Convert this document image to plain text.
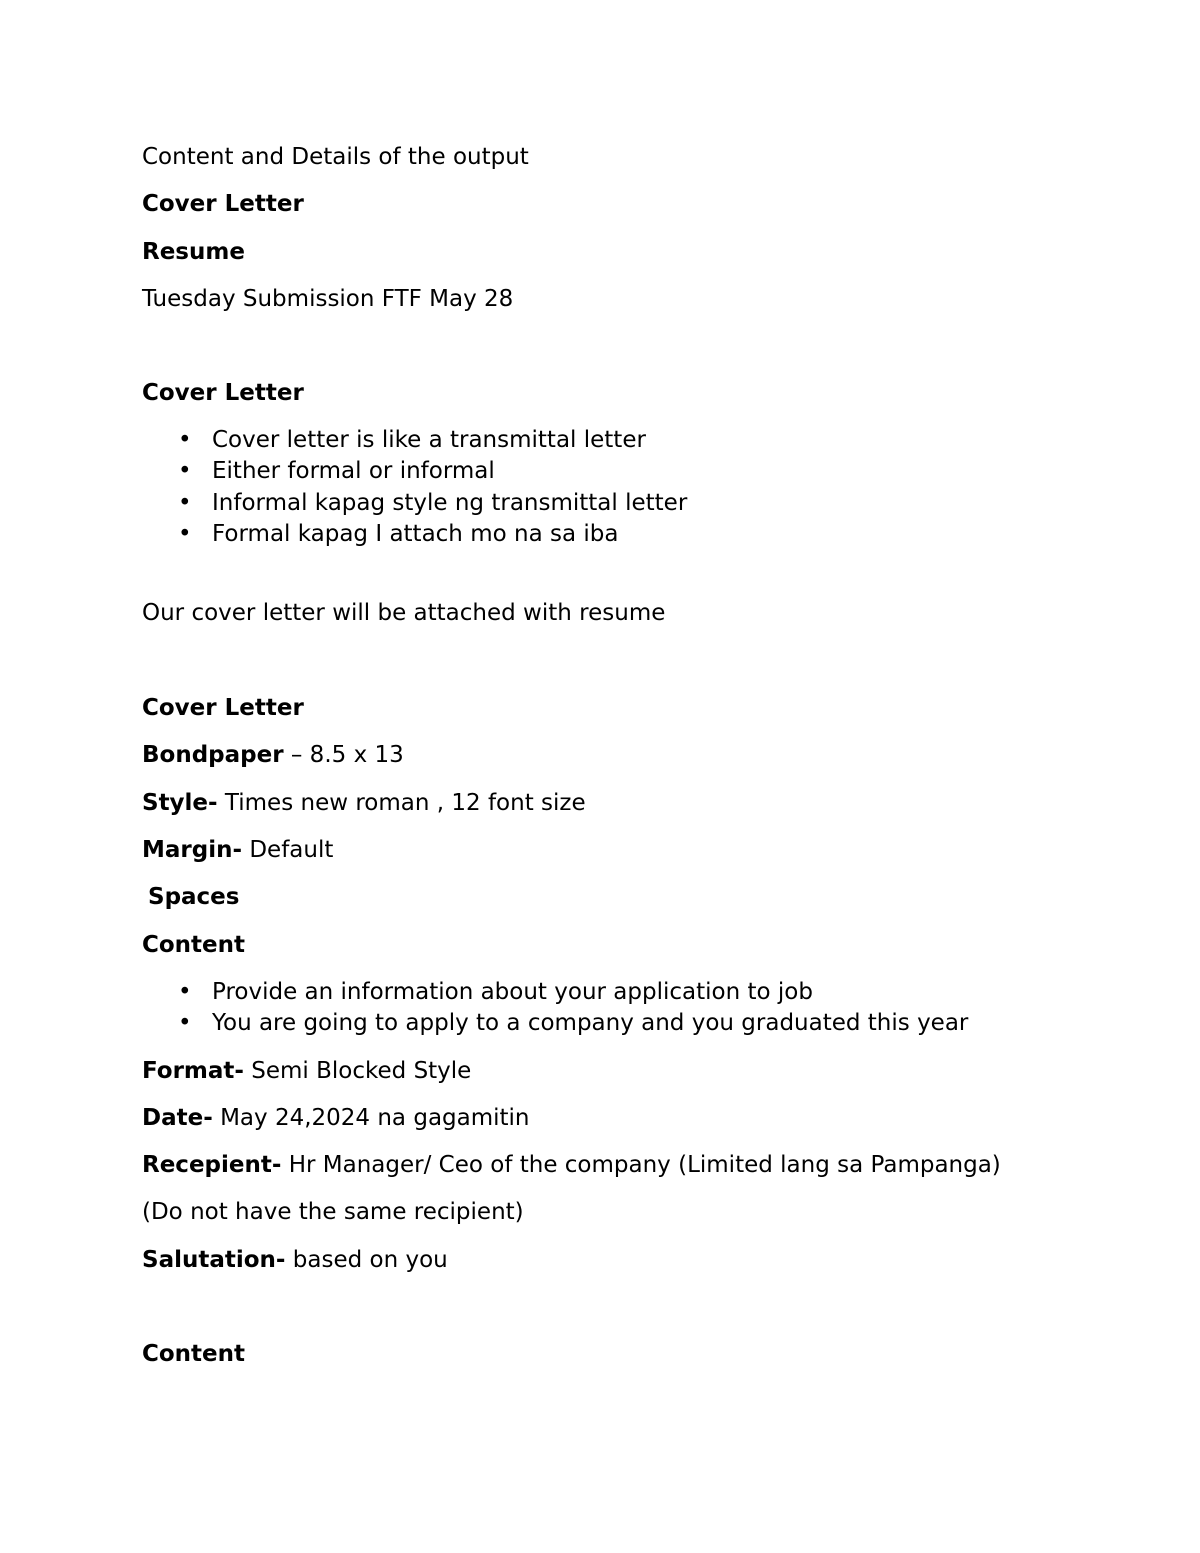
Content and Details of the output
Cover Letter
Resume
Tuesday Submission FTF May 28
Cover Letter
• Cover letter is like a transmittal letter
• Either formal or informal
• Informal kapag style ng transmittal letter
• Formal kapag I attach mo na sa iba
Our cover letter will be attached with resume
Cover Letter
Bondpaper – 8.5 x 13
Style- Times new roman , 12 font size
Margin- Default
Spaces
Content
• Provide an information about your application to job
• You are going to apply to a company and you graduated this year
Format- Semi Blocked Style
Date- May 24,2024 na gagamitin
Recepient- Hr Manager/ Ceo of the company (Limited lang sa Pampanga)
(Do not have the same recipient)
Salutation- based on you
Content
